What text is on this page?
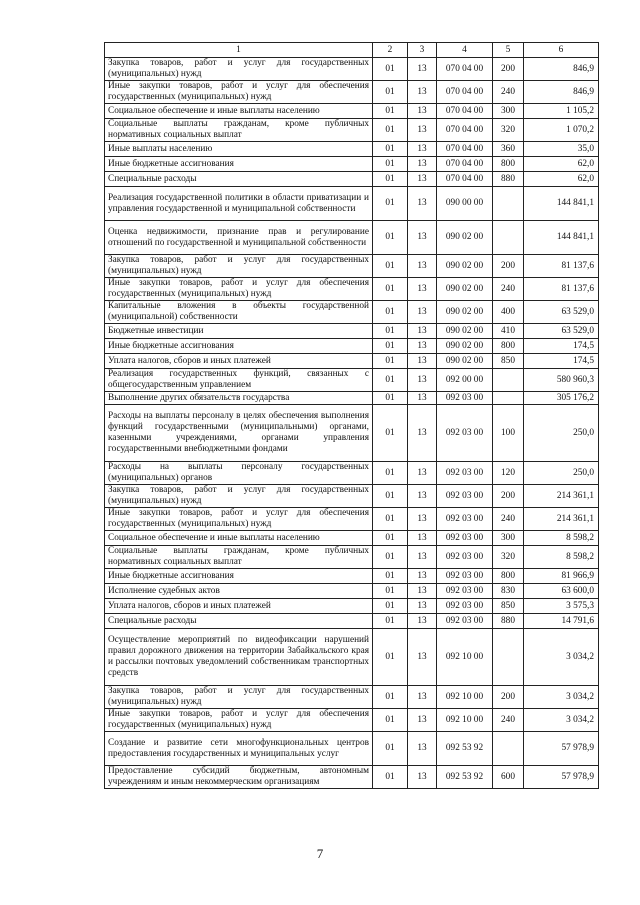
1	2	3	4	5	6
Закупка товаров, работ и услуг для государственных (муниципальных) нужд	01	13	070 04 00	200	846,9
Иные закупки товаров, работ и услуг для обеспечения государственных (муниципальных) нужд	01	13	070 04 00	240	846,9
Социальное обеспечение и иные выплаты населению	01	13	070 04 00	300	1 105,2
Социальные выплаты гражданам, кроме публичных нормативных социальных выплат	01	13	070 04 00	320	1 070,2
Иные выплаты населению	01	13	070 04 00	360	35,0
Иные бюджетные ассигнования	01	13	070 04 00	800	62,0
Специальные расходы	01	13	070 04 00	880	62,0
Реализация государственной политики в области приватизации и управления государственной и муниципальной собственности	01	13	090 00 00		144 841,1
Оценка недвижимости, признание прав и регулирование отношений по государственной и муниципальной собственности	01	13	090 02 00		144 841,1
Закупка товаров, работ и услуг для государственных (муниципальных) нужд	01	13	090 02 00	200	81 137,6
Иные закупки товаров, работ и услуг для обеспечения государственных (муниципальных) нужд	01	13	090 02 00	240	81 137,6
Капитальные вложения в объекты государственной (муниципальной) собственности	01	13	090 02 00	400	63 529,0
Бюджетные инвестиции	01	13	090 02 00	410	63 529,0
Иные бюджетные ассигнования	01	13	090 02 00	800	174,5
Уплата налогов, сборов и иных платежей	01	13	090 02 00	850	174,5
Реализация государственных функций, связанных с общегосударственным управлением	01	13	092 00 00		580 960,3
Выполнение других обязательств государства	01	13	092 03 00		305 176,2
Расходы на выплаты персоналу в целях обеспечения выполнения функций государственными (муниципальными) органами, казенными учреждениями, органами управления государственными внебюджетными фондами	01	13	092 03 00	100	250,0
Расходы на выплаты персоналу государственных (муниципальных) органов	01	13	092 03 00	120	250,0
Закупка товаров, работ и услуг для государственных (муниципальных) нужд	01	13	092 03 00	200	214 361,1
Иные закупки товаров, работ и услуг для обеспечения государственных (муниципальных) нужд	01	13	092 03 00	240	214 361,1
Социальное обеспечение и иные выплаты населению	01	13	092 03 00	300	8 598,2
Социальные выплаты гражданам, кроме публичных нормативных социальных выплат	01	13	092 03 00	320	8 598,2
Иные бюджетные ассигнования	01	13	092 03 00	800	81 966,9
Исполнение судебных актов	01	13	092 03 00	830	63 600,0
Уплата налогов, сборов и иных платежей	01	13	092 03 00	850	3 575,3
Специальные расходы	01	13	092 03 00	880	14 791,6
Осуществление мероприятий по видеофиксации нарушений правил дорожного движения на территории Забайкальского края и рассылки почтовых уведомлений собственникам транспортных средств	01	13	092 10 00		3 034,2
Закупка товаров, работ и услуг для государственных (муниципальных) нужд	01	13	092 10 00	200	3 034,2
Иные закупки товаров, работ и услуг для обеспечения государственных (муниципальных) нужд	01	13	092 10 00	240	3 034,2
Создание и развитие сети многофункциональных центров предоставления государственных и муниципальных услуг	01	13	092 53 92		57 978,9
Предоставление субсидий бюджетным, автономным учреждениям и иным некоммерческим организациям	01	13	092 53 92	600	57 978,9
7
